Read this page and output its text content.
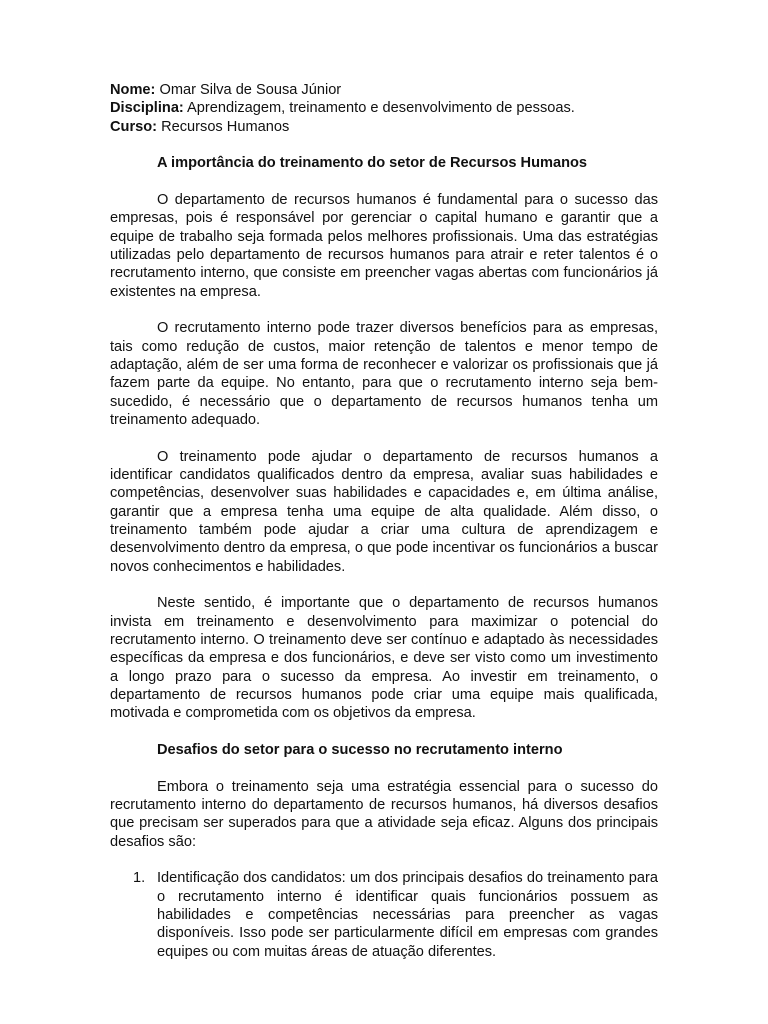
Nome: Omar Silva de Sousa Júnior

Disciplina: Aprendizagem, treinamento e desenvolvimento de pessoas.

Curso: Recursos Humanos

A importância do treinamento do setor de Recursos Humanos

O departamento de recursos humanos é fundamental para o sucesso das empresas, pois é responsável por gerenciar o capital humano e garantir que a equipe de trabalho seja formada pelos melhores profissionais. Uma das estratégias utilizadas pelo departamento de recursos humanos para atrair e reter talentos é o recrutamento interno, que consiste em preencher vagas abertas com funcionários já existentes na empresa.

O recrutamento interno pode trazer diversos benefícios para as empresas, tais como redução de custos, maior retenção de talentos e menor tempo de adaptação, além de ser uma forma de reconhecer e valorizar os profissionais que já fazem parte da equipe. No entanto, para que o recrutamento interno seja bem-sucedido, é necessário que o departamento de recursos humanos tenha um treinamento adequado.

O treinamento pode ajudar o departamento de recursos humanos a identificar candidatos qualificados dentro da empresa, avaliar suas habilidades e competências, desenvolver suas habilidades e capacidades e, em última análise, garantir que a empresa tenha uma equipe de alta qualidade. Além disso, o treinamento também pode ajudar a criar uma cultura de aprendizagem e desenvolvimento dentro da empresa, o que pode incentivar os funcionários a buscar novos conhecimentos e habilidades.

Neste sentido, é importante que o departamento de recursos humanos invista em treinamento e desenvolvimento para maximizar o potencial do recrutamento interno. O treinamento deve ser contínuo e adaptado às necessidades específicas da empresa e dos funcionários, e deve ser visto como um investimento a longo prazo para o sucesso da empresa. Ao investir em treinamento, o departamento de recursos humanos pode criar uma equipe mais qualificada, motivada e comprometida com os objetivos da empresa.

Desafios do setor para o sucesso no recrutamento interno

Embora o treinamento seja uma estratégia essencial para o sucesso do recrutamento interno do departamento de recursos humanos, há diversos desafios que precisam ser superados para que a atividade seja eficaz. Alguns dos principais desafios são:

1. Identificação dos candidatos: um dos principais desafios do treinamento para o recrutamento interno é identificar quais funcionários possuem as habilidades e competências necessárias para preencher as vagas disponíveis. Isso pode ser particularmente difícil em empresas com grandes equipes ou com muitas áreas de atuação diferentes.
